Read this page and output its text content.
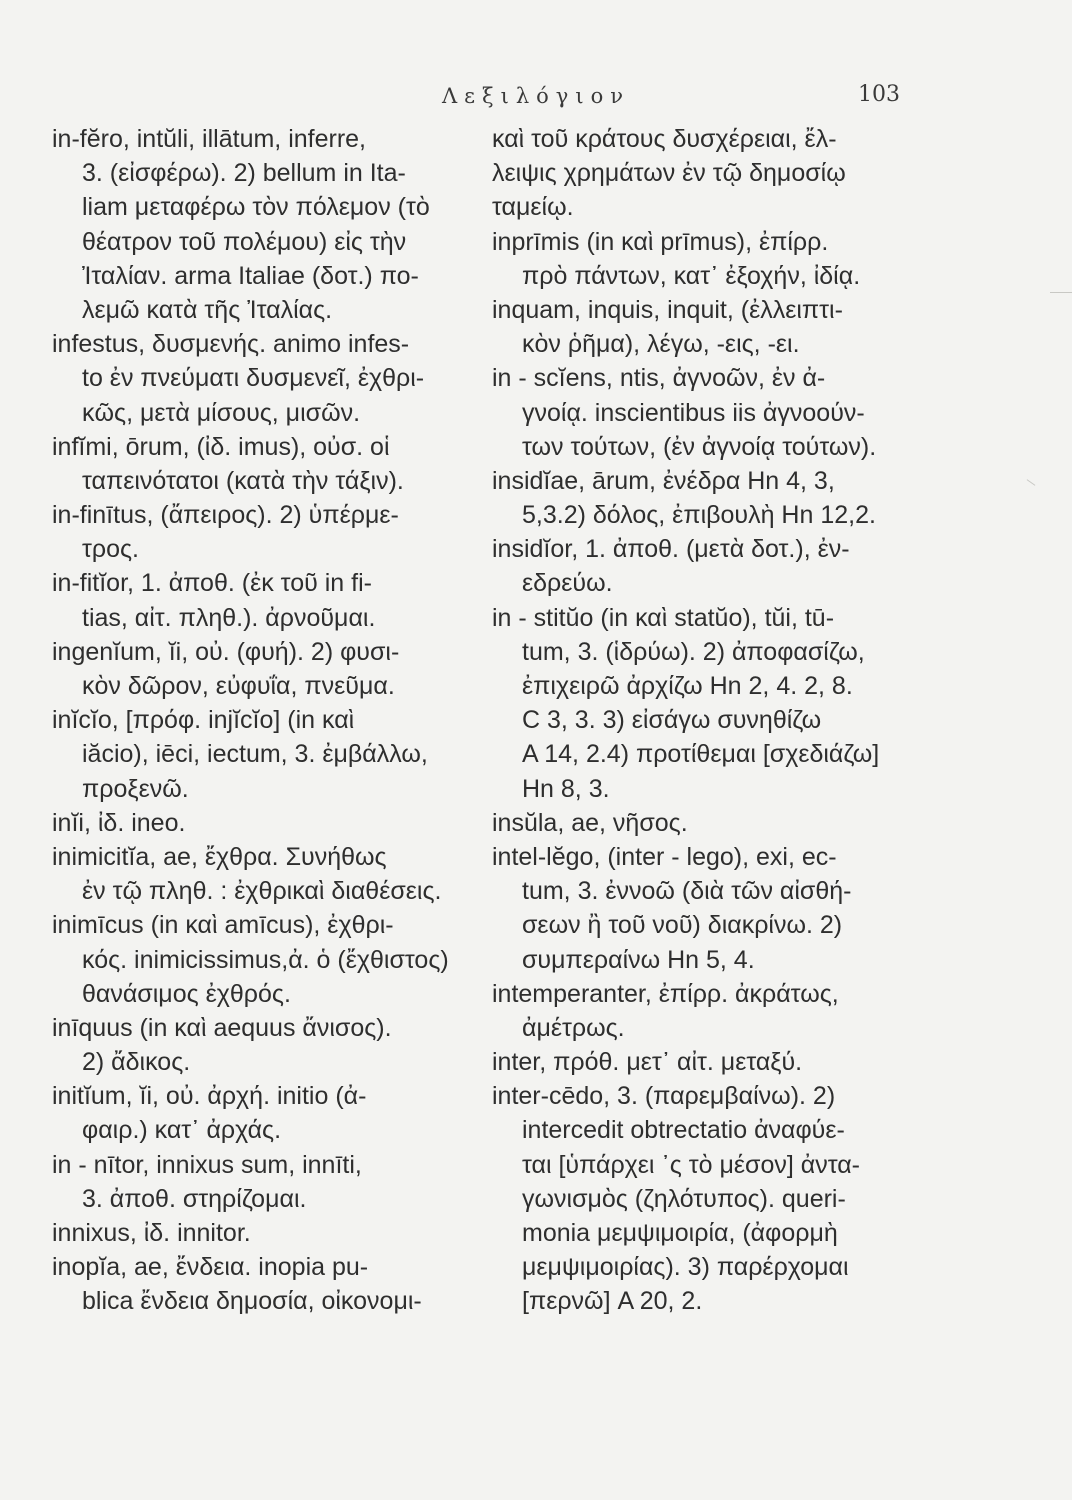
Λεξιλόγιον	103
in-fĕro, intŭli, illātum, inferre,
3. (εἰσφέρω). 2) bellum in Ita-
liam μεταφέρω τὸν πόλεμον (τὸ
θέατρον τοῦ πολέμου) εἰς τὴν
Ἰταλίαν. arma Italiae (δοτ.) πο-
λεμῶ κατὰ τῆς Ἰταλίας.
infestus, δυσμενής. animo infes-
to ἐν πνεύματι δυσμενεῖ, ἐχθρι-
κῶς, μετὰ μίσους, μισῶν.
infĭmi, ōrum, (ἰδ. imus), οὐσ. οἱ
ταπεινότατοι (κατὰ τὴν τάξιν).
in-finītus, (ἄπειρος). 2) ὑπέρμε-
τρος.
in-fitĭor, 1. ἀποθ. (ἐκ τοῦ in fi-
tias, αἰτ. πληθ.). ἀρνοῦμαι.
ingenĭum, ĭi, οὐ. (φυή). 2) φυσι-
κὸν δῶρον, εὐφυΐα, πνεῦμα.
inĭcĭo, [πρόφ. injĭcĭo] (in καὶ
iăcio), iēci, iectum, 3. ἐμβάλλω,
προξενῶ.
inĭi, ἰδ. ineo.
inimicitĭa, ae, ἔχθρα. Συνήθως
ἐν τῷ πληθ. : ἐχθρικαὶ διαθέσεις.
inimīcus (in καὶ amīcus), ἐχθρι-
κός. inimicissimus,ἀ. ὁ (ἔχθιστος)
θανάσιμος ἐχθρός.
inīquus (in καὶ aequus ἄνισος).
2) ἄδικος.
initĭum, ĭi, οὐ. ἀρχή. initio (ἀ-
φαιρ.) κατ᾽ ἀρχάς.
in - nītor, innixus sum, innīti,
3. ἀποθ. στηρίζομαι.
innixus, ἰδ. innitor.
inopĭa, ae, ἔνδεια. inopia pu-
blica ἔνδεια δημοσία, οἰκονομι-
καὶ τοῦ κράτους δυσχέρειαι, ἔλ-
λειψις χρημάτων ἐν τῷ δημοσίῳ
ταμείῳ.
inprīmis (in καὶ prīmus), ἐπίρρ.
πρὸ πάντων, κατ᾽ ἐξοχήν, ἰδίᾳ.
inquam, inquis, inquit, (ἐλλειπτι-
κὸν ῥῆμα), λέγω, -εις, -ει.
in - scĭens, ntis, ἀγνοῶν, ἐν ἀ-
γνοίᾳ. inscientibus iis ἀγνοούν-
των τούτων, (ἐν ἀγνοίᾳ τούτων).
insidĭae, ārum, ἐνέδρα Hn 4, 3,
5,3.2) δόλος, ἐπιβουλὴ Hn 12,2.
insidĭor, 1. ἀποθ. (μετὰ δοτ.), ἐν-
εδρεύω.
in - stitŭo (in καὶ statŭo), tŭi, tū-
tum, 3. (ἱδρύω). 2) ἀποφασίζω,
ἐπιχειρῶ ἀρχίζω Hn 2, 4. 2, 8.
C 3, 3. 3) εἰσάγω συνηθίζω
A 14, 2.4) προτίθεμαι [σχεδιάζω]
Hn 8, 3.
insŭla, ae, νῆσος.
intel-lĕgo, (inter - lego), exi, ec-
tum, 3. ἐννοῶ (διὰ τῶν αἰσθή-
σεων ἢ τοῦ νοῦ) διακρίνω. 2)
συμπεραίνω Hn 5, 4.
intemperanter, ἐπίρρ. ἀκράτως,
ἀμέτρως.
inter, πρόθ. μετ᾽ αἰτ. μεταξύ.
inter-cēdo, 3. (παρεμβαίνω). 2)
intercedit obtrectatio ἀναφύε-
ται [ὑπάρχει ᾽ς τὸ μέσον] ἀντα-
γωνισμὸς (ζηλότυπος). queri-
monia μεμψιμοιρία, (ἀφορμὴ
μεμψιμοιρίας). 3) παρέρχομαι
[περνῶ] A 20, 2.
